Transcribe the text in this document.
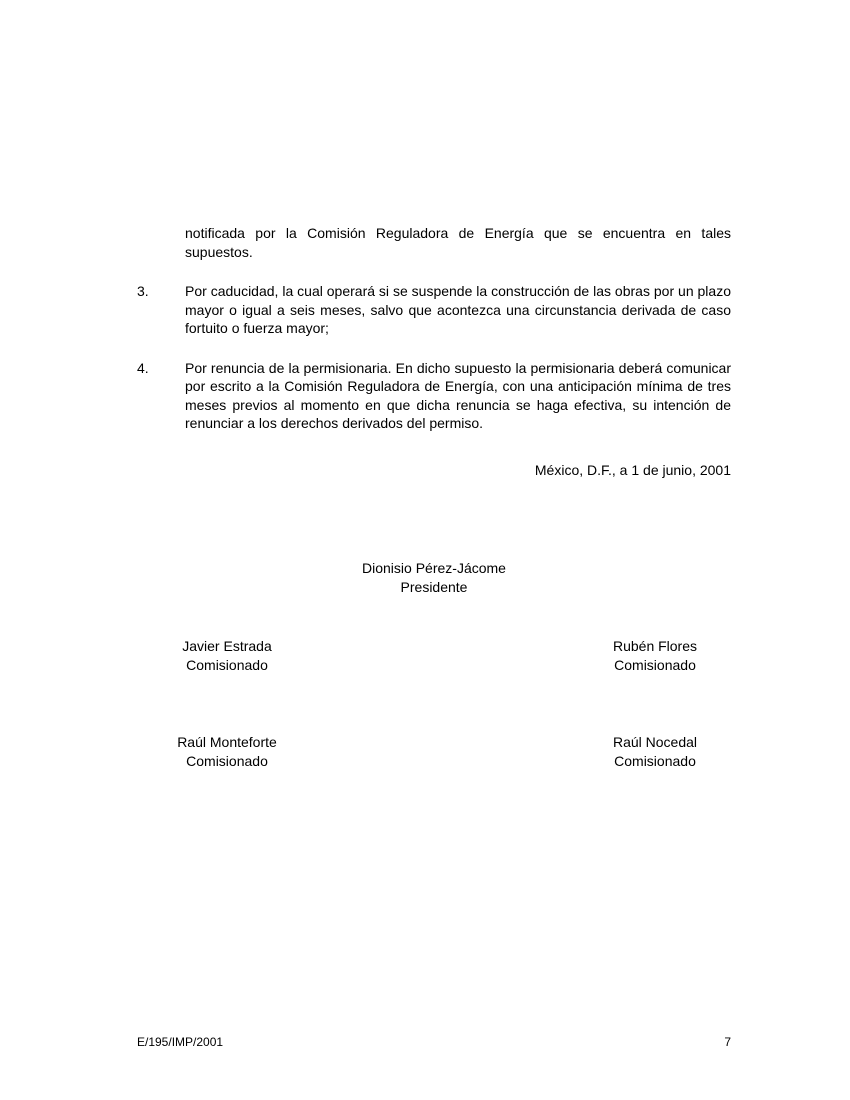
notificada por la Comisión Reguladora de Energía que se encuentra en tales supuestos.

3.	Por caducidad, la cual operará si se suspende la construcción de las obras por un plazo mayor o igual a seis meses, salvo que acontezca una circunstancia derivada de caso fortuito o fuerza mayor;
4.	Por renuncia de la permisionaria. En dicho supuesto la permisionaria deberá comunicar por escrito a la Comisión Reguladora de Energía, con una anticipación mínima de tres meses previos al momento en que dicha renuncia se haga efectiva, su intención de renunciar a los derechos derivados del permiso.
México, D.F., a 1 de junio, 2001
Dionisio Pérez-Jácome
Presidente
Javier Estrada
Comisionado
Rubén Flores
Comisionado
Raúl Monteforte
Comisionado
Raúl Nocedal
Comisionado
E/195/IMP/2001	7
